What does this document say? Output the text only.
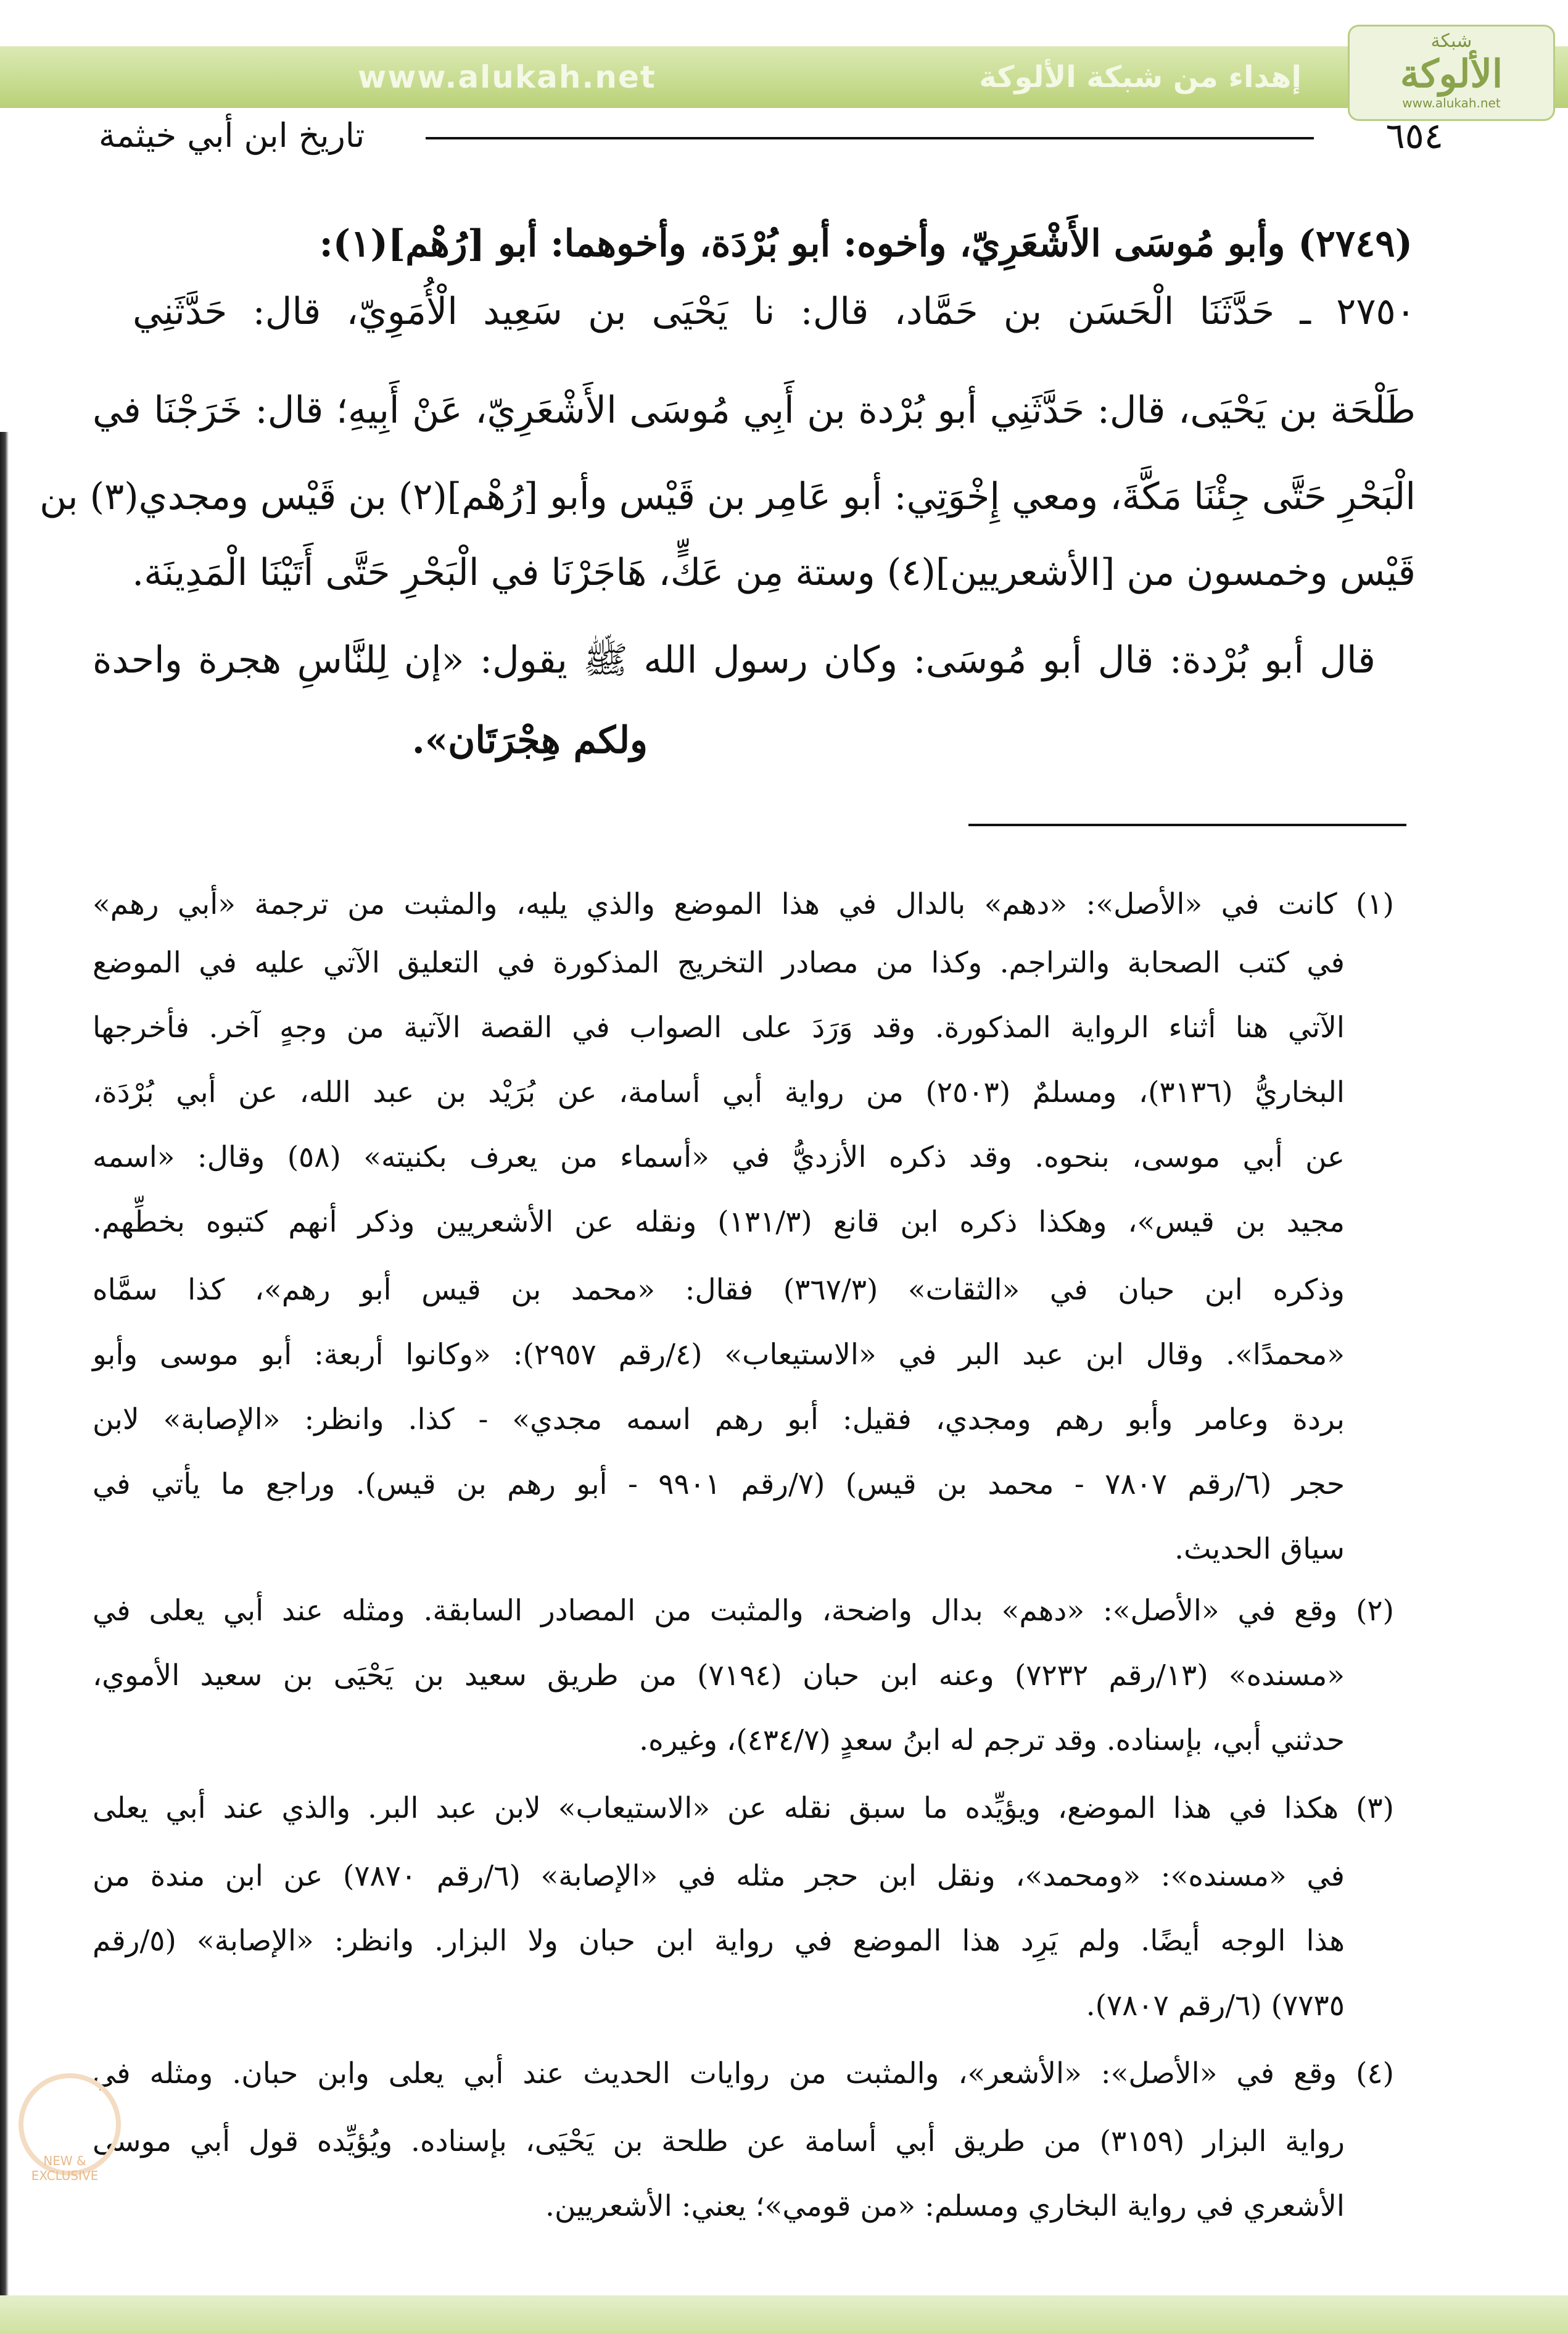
www.alukah.net	إهداء من شبكة الألوكة
شبكة
الألوكة
www.alukah.net
٦٥٤
تاريخ ابن أبي خيثمة
(٢٧٤٩) وأبو مُوسَى الأَشْعَرِيّ، وأخوه: أبو بُرْدَة، وأخوهما: أبو [رُهْم](١):
٢٧٥٠ ـ حَدَّثَنَا الْحَسَن بن حَمَّاد، قال: نا يَحْيَى بن سَعِيد الْأُمَوِيّ، قال: حَدَّثَنِي
طَلْحَة بن يَحْيَى، قال: حَدَّثَنِي أبو بُرْدة بن أَبِي مُوسَى الأَشْعَرِيّ، عَنْ أَبِيهِ؛ قال: خَرَجْنَا في
الْبَحْرِ حَتَّى جِئْنَا مَكَّةَ، ومعي إِخْوَتِي: أبو عَامِر بن قَيْس وأبو [رُهْم](٢) بن قَيْس ومجدي(٣) بن
قَيْس وخمسون من [الأشعريين](٤) وستة مِن عَكٍّ، هَاجَرْنَا في الْبَحْرِ حَتَّى أَتَيْنَا الْمَدِينَة.
قال أبو بُرْدة: قال أبو مُوسَى: وكان رسول الله ﷺ يقول: «إن لِلنَّاسِ هجرة واحدة
ولكم هِجْرَتَان».
(١) كانت في «الأصل»: «دهم» بالدال في هذا الموضع والذي يليه، والمثبت من ترجمة «أبي رهم»
في كتب الصحابة والتراجم. وكذا من مصادر التخريج المذكورة في التعليق الآتي عليه في الموضع
الآتي هنا أثناء الرواية المذكورة. وقد وَرَدَ على الصواب في القصة الآتية من وجهٍ آخر. فأخرجها
البخاريُّ (٣١٣٦)، ومسلمٌ (٢٥٠٣) من رواية أبي أسامة، عن بُرَيْد بن عبد الله، عن أبي بُرْدَة،
عن أبي موسى، بنحوه. وقد ذكره الأزديُّ في «أسماء من يعرف بكنيته» (٥٨) وقال: «اسمه
مجيد بن قيس»، وهكذا ذكره ابن قانع (١٣١/٣) ونقله عن الأشعريين وذكر أنهم كتبوه بخطِّهم.
وذكره ابن حبان في «الثقات» (٣٦٧/٣) فقال: «محمد بن قيس أبو رهم»، كذا سمَّاه
«محمدًا». وقال ابن عبد البر في «الاستيعاب» (٤/رقم ٢٩٥٧): «وكانوا أربعة: أبو موسى وأبو
بردة وعامر وأبو رهم ومجدي، فقيل: أبو رهم اسمه مجدي» - كذا. وانظر: «الإصابة» لابن
حجر (٦/رقم ٧٨٠٧ - محمد بن قيس) (٧/رقم ٩٩٠١ - أبو رهم بن قيس). وراجع ما يأتي في
سياق الحديث.
(٢) وقع في «الأصل»: «دهم» بدال واضحة، والمثبت من المصادر السابقة. ومثله عند أبي يعلى في
«مسنده» (١٣/رقم ٧٢٣٢) وعنه ابن حبان (٧١٩٤) من طريق سعيد بن يَحْيَى بن سعيد الأموي،
حدثني أبي، بإسناده. وقد ترجم له ابنُ سعدٍ (٤٣٤/٧)، وغيره.
(٣) هكذا في هذا الموضع، ويؤيِّده ما سبق نقله عن «الاستيعاب» لابن عبد البر. والذي عند أبي يعلى
في «مسنده»: «ومحمد»، ونقل ابن حجر مثله في «الإصابة» (٦/رقم ٧٨٧٠) عن ابن مندة من
هذا الوجه أيضًا. ولم يَرِد هذا الموضع في رواية ابن حبان ولا البزار. وانظر: «الإصابة» (٥/رقم
٧٧٣٥) (٦/رقم ٧٨٠٧).
(٤) وقع في «الأصل»: «الأشعر»، والمثبت من روايات الحديث عند أبي يعلى وابن حبان. ومثله في
رواية البزار (٣١٥٩) من طريق أبي أسامة عن طلحة بن يَحْيَى، بإسناده. ويُؤيِّده قول أبي موسى
الأشعري في رواية البخاري ومسلم: «من قومي»؛ يعني: الأشعريين.
NEW & EXCLUSIVE
